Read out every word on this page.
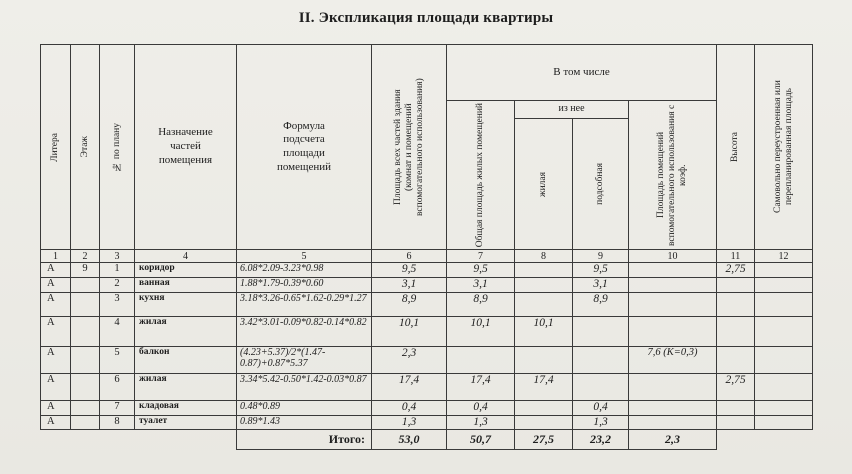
II. Экспликация площади квартиры
Литера	Этаж	№ по плану	Назначение частей помещения	Формула подсчета площади помещений	Площадь всех частей здания (комнат и помещений вспомогательного использования)	В том числе				Высота	Самовольно переустроенная или перепланированная площадь

						Общая площадь жилых помещений	из нее		Площадь помещений вспомогательного использования с коэф.		

							жилая	подсобная			

1	2	3	4	5	6	7	8	9	10	11	12
А	9	1	коридор	6.08*2.09-3.23*0.98	9,5	9,5		9,5		2,75	
А		2	ванная	1.88*1.79-0.39*0.60	3,1	3,1		3,1			
А		3	кухня	3.18*3.26-0.65*1.62-0.29*1.27	8,9	8,9		8,9			
А		4	жилая	3.42*3.01-0.09*0.82-0.14*0.82	10,1	10,1	10,1				
А		5	балкон	(4.23+5.37)/2*(1.47-0.87)+0.87*5.37	2,3				7,6 (К=0,3)		
А		6	жилая	3.34*5.42-0.50*1.42-0.03*0.87	17,4	17,4	17,4			2,75	
А		7	кладовая	0.48*0.89	0,4	0,4		0,4			
А		8	туалет	0.89*1.43	1,3	1,3		1,3			
				Итого:	53,0	50,7	27,5	23,2	2,3		
